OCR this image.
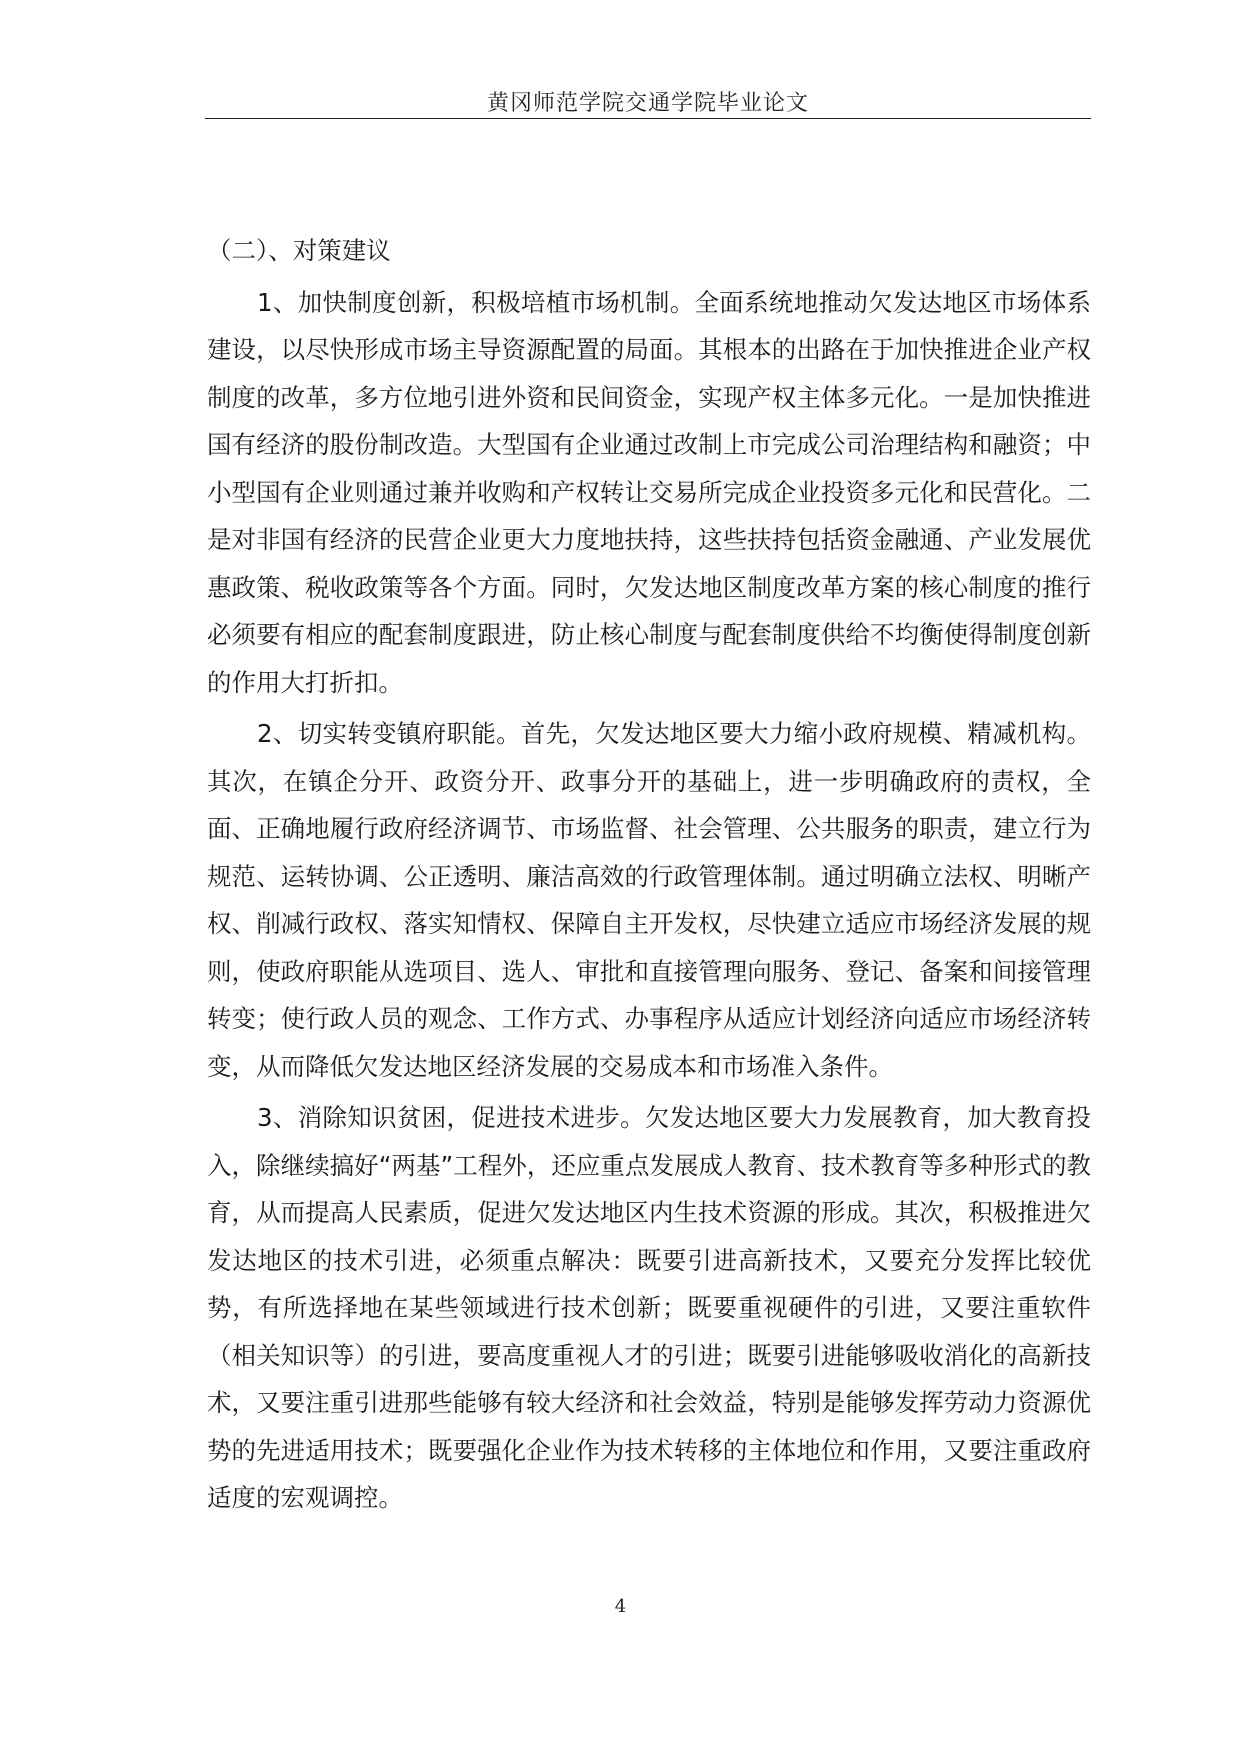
黄冈师范学院交通学院毕业论文
（二）、对策建议

1、加快制度创新，积极培植市场机制。全面系统地推动欠发达地区市场体系建设，以尽快形成市场主导资源配置的局面。其根本的出路在于加快推进企业产权制度的改革，多方位地引进外资和民间资金，实现产权主体多元化。一是加快推进国有经济的股份制改造。大型国有企业通过改制上市完成公司治理结构和融资；中小型国有企业则通过兼并收购和产权转让交易所完成企业投资多元化和民营化。二是对非国有经济的民营企业更大力度地扶持，这些扶持包括资金融通、产业发展优惠政策、税收政策等各个方面。同时，欠发达地区制度改革方案的核心制度的推行必须要有相应的配套制度跟进，防止核心制度与配套制度供给不均衡使得制度创新的作用大打折扣。

2、切实转变镇府职能。首先，欠发达地区要大力缩小政府规模、精减机构。其次，在镇企分开、政资分开、政事分开的基础上，进一步明确政府的责权，全面、正确地履行政府经济调节、市场监督、社会管理、公共服务的职责，建立行为规范、运转协调、公正透明、廉洁高效的行政管理体制。通过明确立法权、明晰产权、削减行政权、落实知情权、保障自主开发权，尽快建立适应市场经济发展的规则，使政府职能从选项目、选人、审批和直接管理向服务、登记、备案和间接管理转变；使行政人员的观念、工作方式、办事程序从适应计划经济向适应市场经济转变，从而降低欠发达地区经济发展的交易成本和市场准入条件。

3、消除知识贫困，促进技术进步。欠发达地区要大力发展教育，加大教育投入，除继续搞好“两基”工程外，还应重点发展成人教育、技术教育等多种形式的教育，从而提高人民素质，促进欠发达地区内生技术资源的形成。其次，积极推进欠发达地区的技术引进，必须重点解决：既要引进高新技术，又要充分发挥比较优势，有所选择地在某些领域进行技术创新；既要重视硬件的引进，又要注重软件（相关知识等）的引进，要高度重视人才的引进；既要引进能够吸收消化的高新技术，又要注重引进那些能够有较大经济和社会效益，特别是能够发挥劳动力资源优势的先进适用技术；既要强化企业作为技术转移的主体地位和作用，又要注重政府适度的宏观调控。

4
